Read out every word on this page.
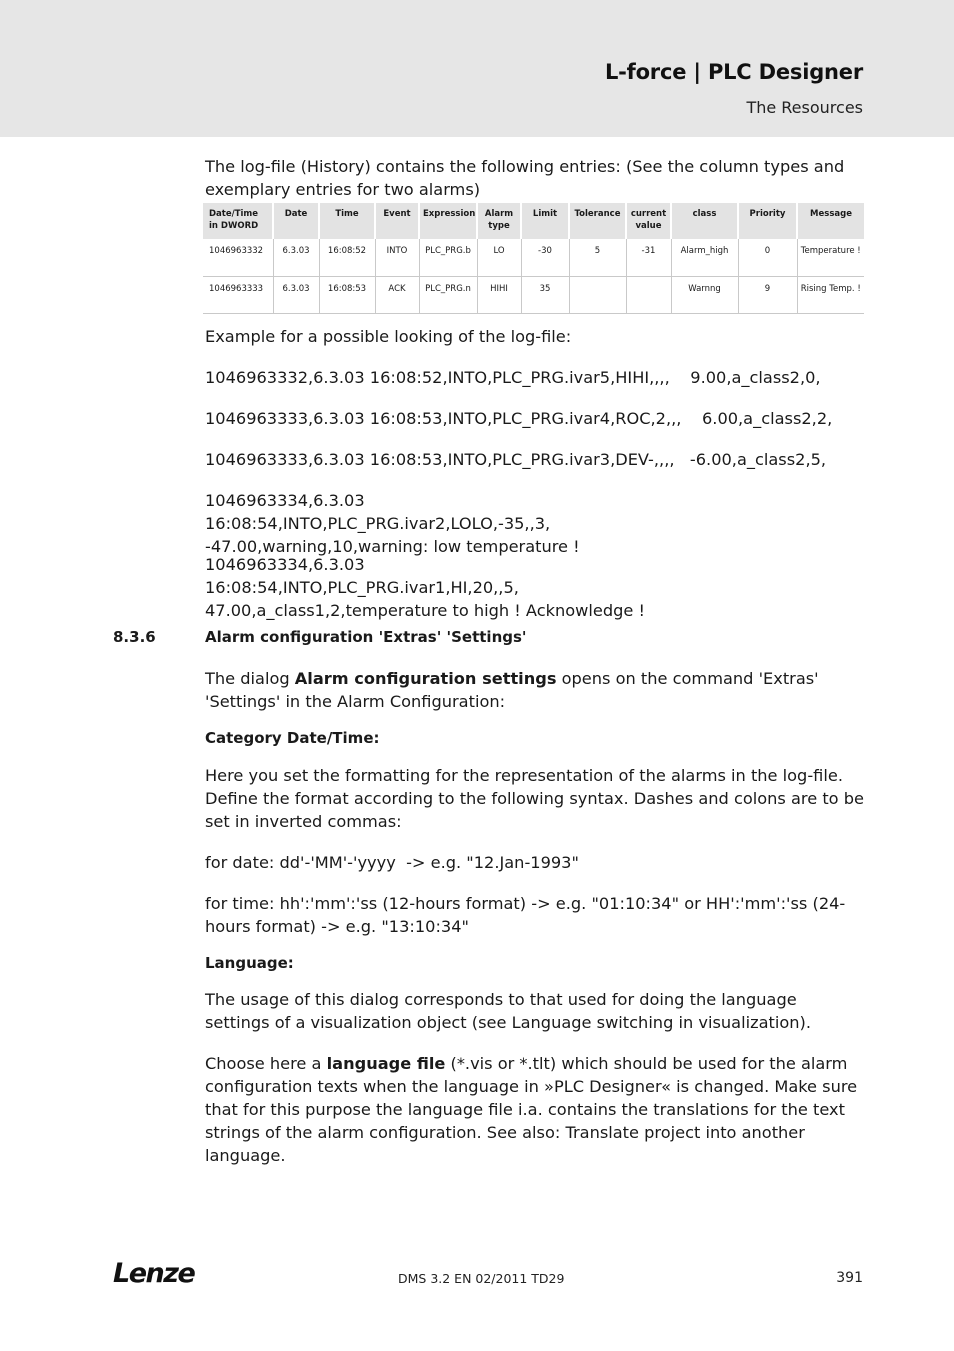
L-force | PLC Designer
The Resources
The log-file (History) contains the following entries: (See the column types and exemplary entries for two alarms)
Date/Time in DWORD	Date	Time	Event	Expression	Alarm type	Limit	Tolerance	current value	class	Priority	Message
1046963332	6.3.03	16:08:52	INTO	PLC_PRG.b	LO	-30	5	-31	Alarm_high	0	Temperature !
1046963333	6.3.03	16:08:53	ACK	PLC_PRG.n	HIHI	35			Warnng	9	Rising Temp. !
Example for a possible looking of the log-file:
1046963332,6.3.03 16:08:52,INTO,PLC_PRG.ivar5,HIHI,,,,    9.00,a_class2,0,
1046963333,6.3.03 16:08:53,INTO,PLC_PRG.ivar4,ROC,2,,,    6.00,a_class2,2,
1046963333,6.3.03 16:08:53,INTO,PLC_PRG.ivar3,DEV-,,,,   -6.00,a_class2,5,
1046963334,6.3.03 16:08:54,INTO,PLC_PRG.ivar2,LOLO,-35,,3, -47.00,warning,10,warning: low temperature !
1046963334,6.3.03 16:08:54,INTO,PLC_PRG.ivar1,HI,20,,5, 47.00,a_class1,2,temperature to high ! Acknowledge !
8.3.6	Alarm configuration 'Extras' 'Settings'
The dialog Alarm configuration settings opens on the command 'Extras' 'Settings' in the Alarm Configuration:
Category Date/Time:
Here you set the formatting for the representation of the alarms in the log-file. Define the format according to the following syntax. Dashes and colons are to be set in inverted commas:
for date: dd'-'MM'-'yyyy  -> e.g. "12.Jan-1993"
for time: hh':'mm':'ss (12-hours format) -> e.g. "01:10:34" or HH':'mm':'ss (24-hours format) -> e.g. "13:10:34"
Language:
The usage of this dialog corresponds to that used for doing the language settings of a visualization object (see Language switching in visualization).
Choose here a language file (*.vis or *.tlt) which should be used for the alarm configuration texts when the language in »PLC Designer« is changed. Make sure that for this purpose the language file i.a. contains the translations for the text strings of the alarm configuration. See also: Translate project into another language.
Lenze	DMS 3.2 EN 02/2011 TD29	391
